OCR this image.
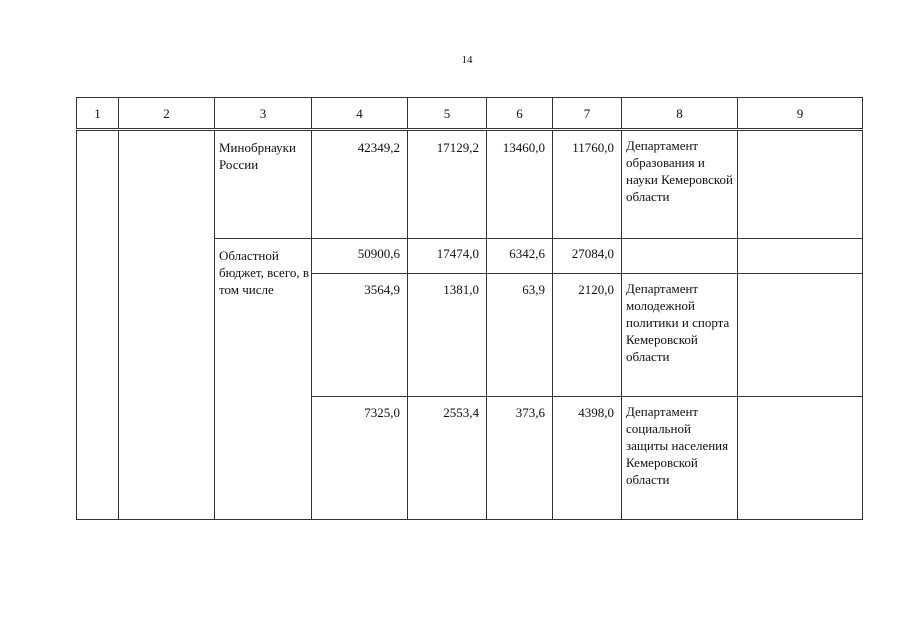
14
1	2	3	4	5	6	7	8	9
		Минобрнауки России	42349,2	17129,2	13460,0	11760,0	Департамент образования и науки Кемеровской области	
		Областной бюджет, всего, в том числе	50900,6	17474,0	6342,6	27084,0		
			3564,9	1381,0	63,9	2120,0	Департамент молодежной политики и спорта Кемеровской области	
			7325,0	2553,4	373,6	4398,0	Департамент социальной защиты населения Кемеровской области	
